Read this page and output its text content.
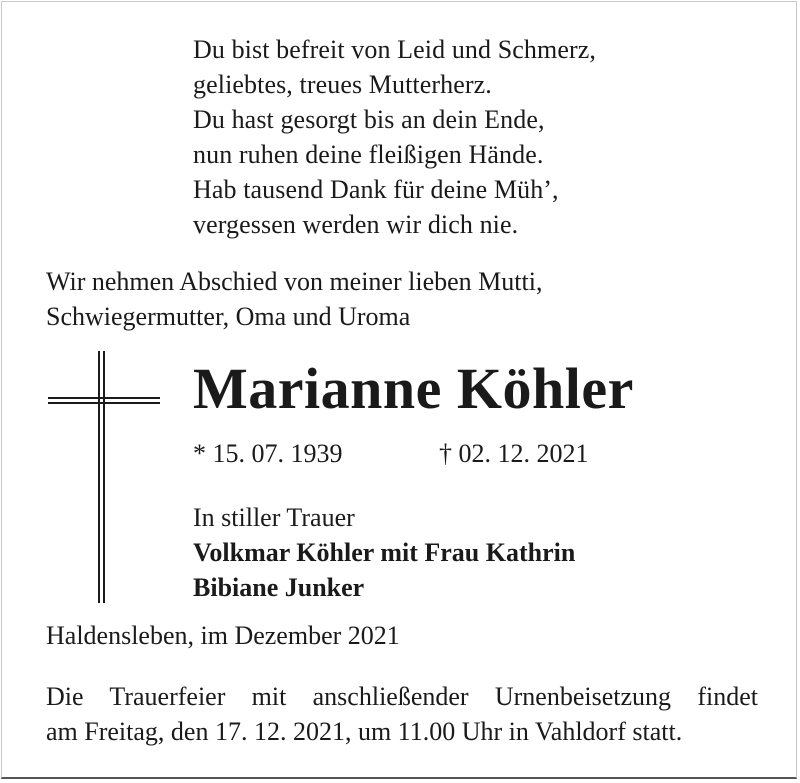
Du bist befreit von Leid und Schmerz,
geliebtes, treues Mutterherz.
Du hast gesorgt bis an dein Ende,
nun ruhen deine fleißigen Hände.
Hab tausend Dank für deine Müh’,
vergessen werden wir dich nie.
Wir nehmen Abschied von meiner lieben Mutti,
Schwiegermutter, Oma und Uroma
Marianne Köhler
* 15. 07. 1939	† 02. 12. 2021
In stiller Trauer
Volkmar Köhler mit Frau Kathrin
Bibiane Junker
Haldensleben, im Dezember 2021
Die Trauerfeier mit anschließender Urnenbeisetzung findet
am Freitag, den 17. 12. 2021, um 11.00 Uhr in Vahldorf statt.
